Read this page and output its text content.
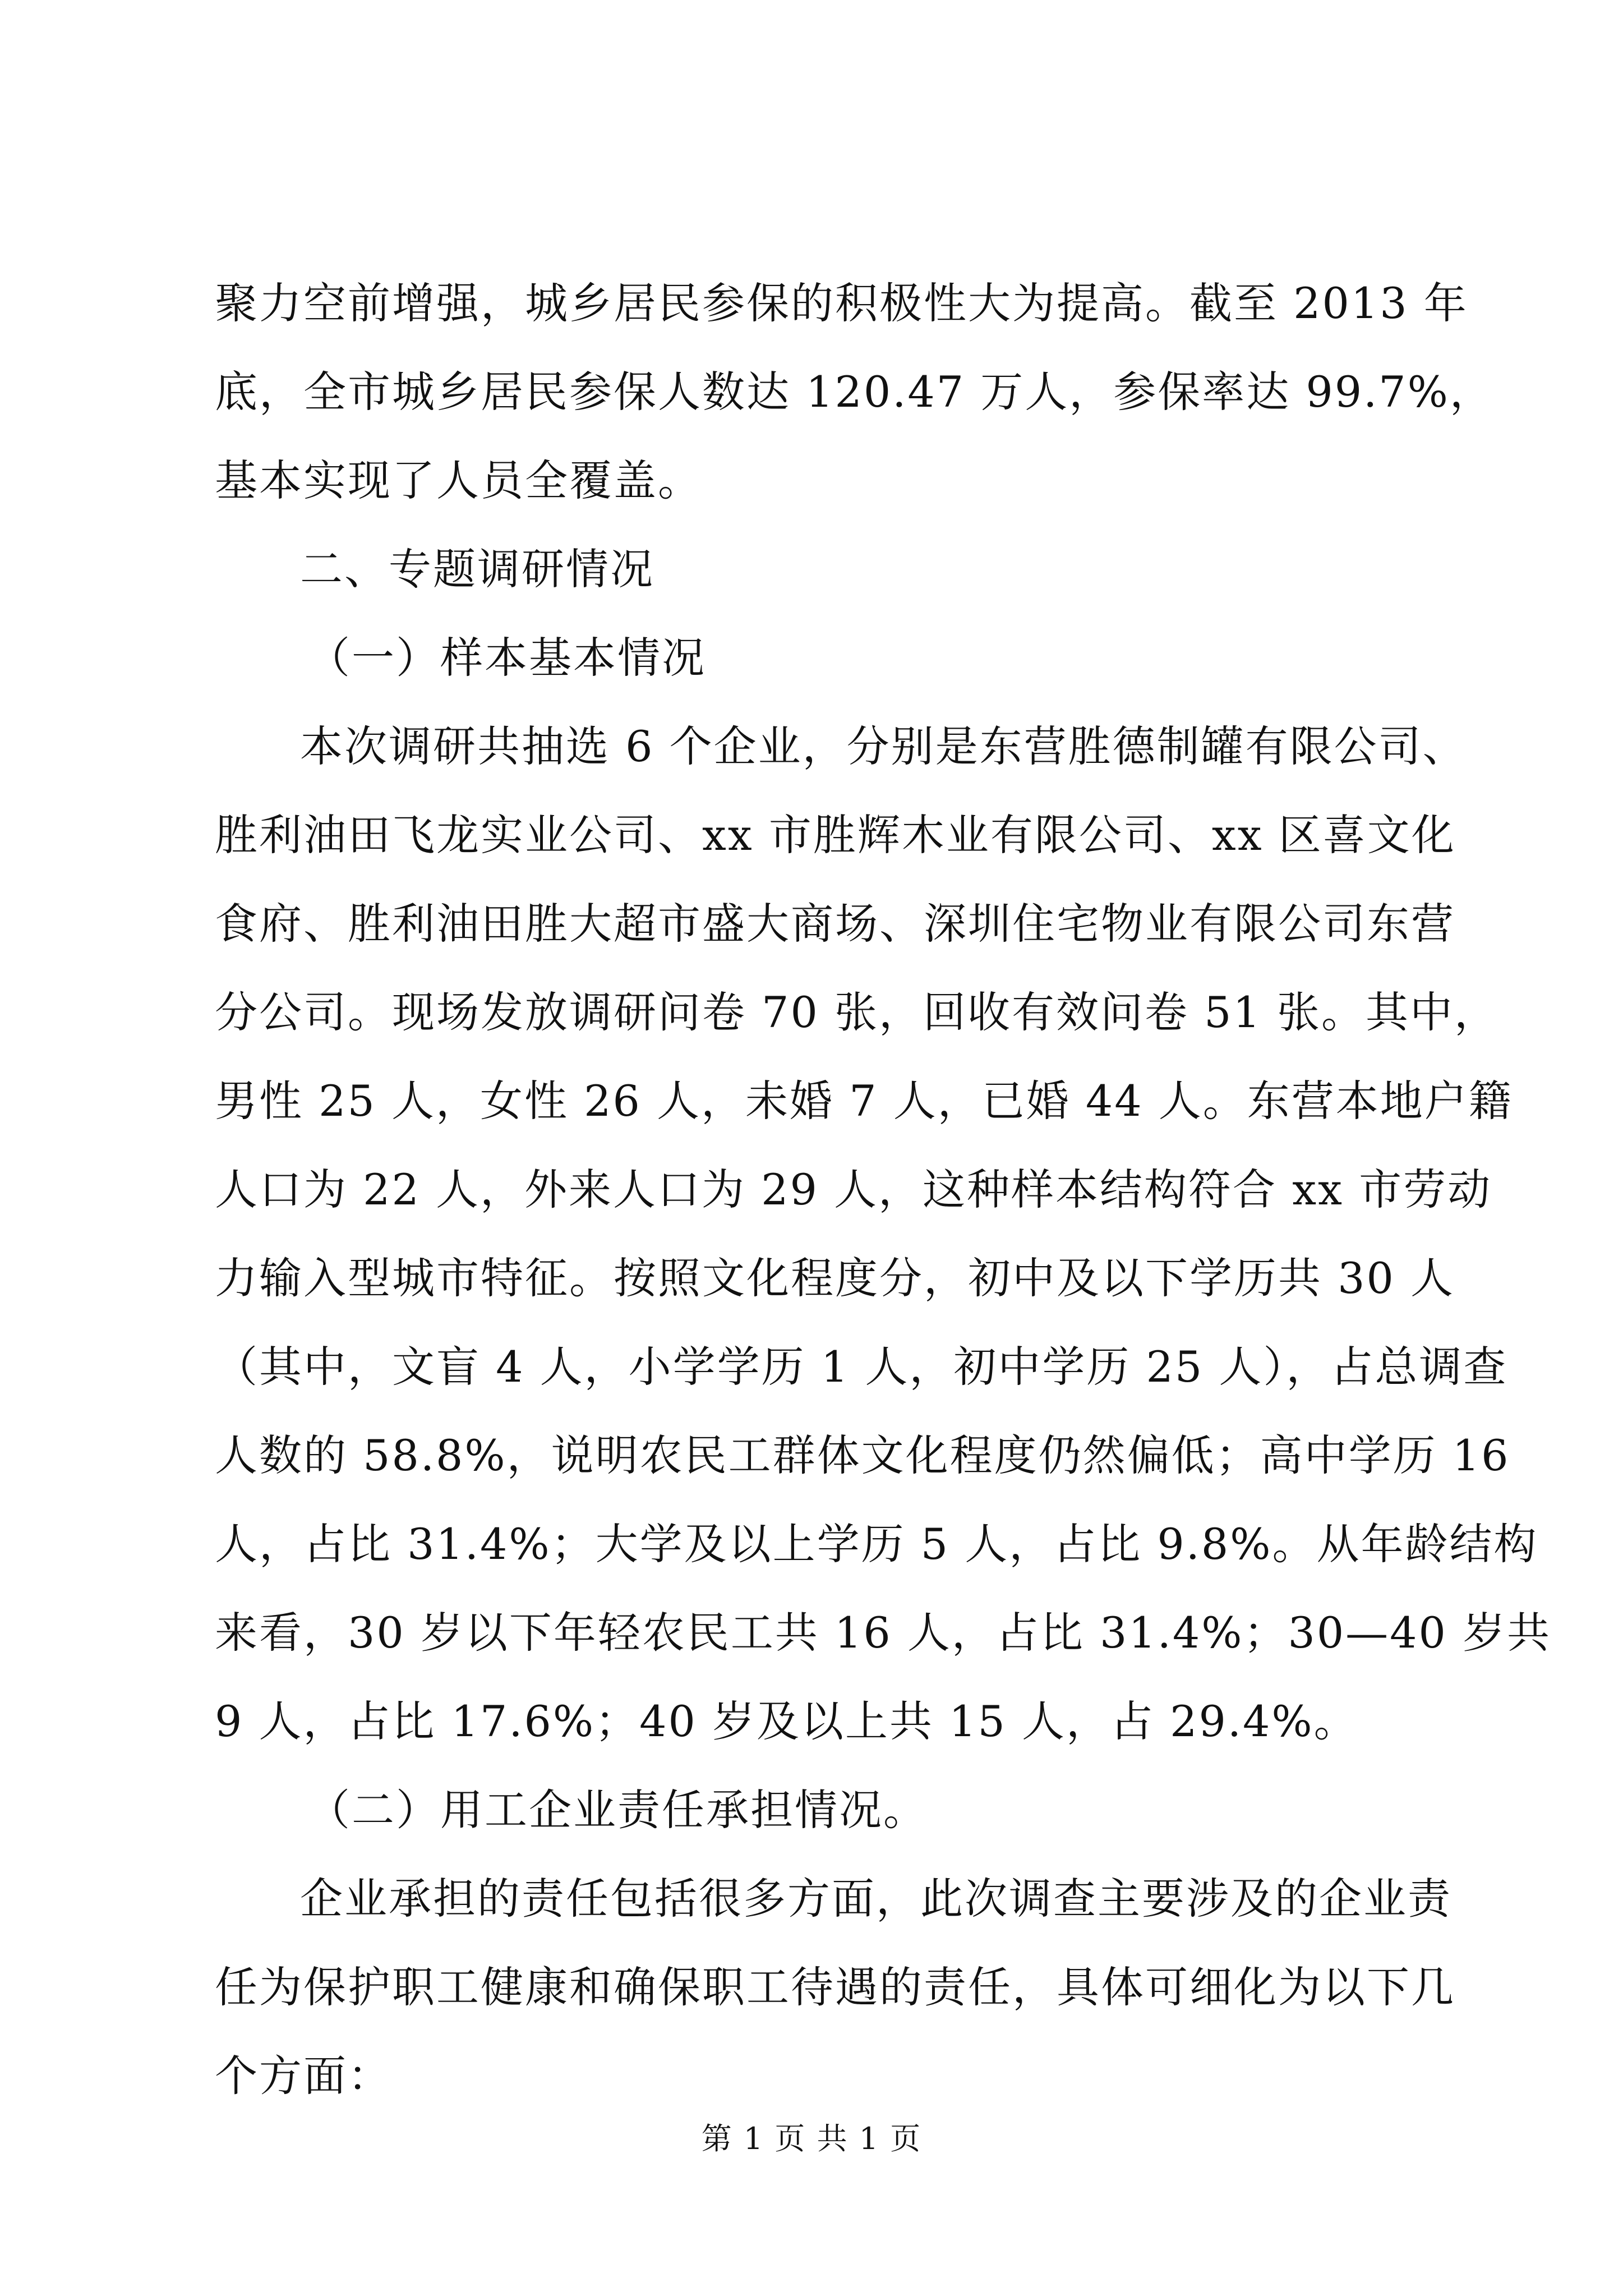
聚力空前增强，城乡居民参保的积极性大为提高。截至 2013 年
底，全市城乡居民参保人数达 120.47 万人，参保率达 99.7%，
基本实现了人员全覆盖。
二、专题调研情况
（一）样本基本情况
本次调研共抽选 6 个企业，分别是东营胜德制罐有限公司、
胜利油田飞龙实业公司、xx 市胜辉木业有限公司、xx 区喜文化
食府、胜利油田胜大超市盛大商场、深圳住宅物业有限公司东营
分公司。现场发放调研问卷 70 张，回收有效问卷 51 张。其中，
男性 25 人，女性 26 人，未婚 7 人，已婚 44 人。东营本地户籍
人口为 22 人，外来人口为 29 人，这种样本结构符合 xx 市劳动
力输入型城市特征。按照文化程度分，初中及以下学历共 30 人
（其中，文盲 4 人，小学学历 1 人，初中学历 25 人），占总调查
人数的 58.8%，说明农民工群体文化程度仍然偏低；高中学历 16
人，占比 31.4%；大学及以上学历 5 人，占比 9.8%。从年龄结构
来看，30 岁以下年轻农民工共 16 人，占比 31.4%；30—40 岁共
9 人，占比 17.6%；40 岁及以上共 15 人，占 29.4%。
（二）用工企业责任承担情况。
企业承担的责任包括很多方面，此次调查主要涉及的企业责
任为保护职工健康和确保职工待遇的责任，具体可细化为以下几
个方面：
第 1 页 共 1 页
